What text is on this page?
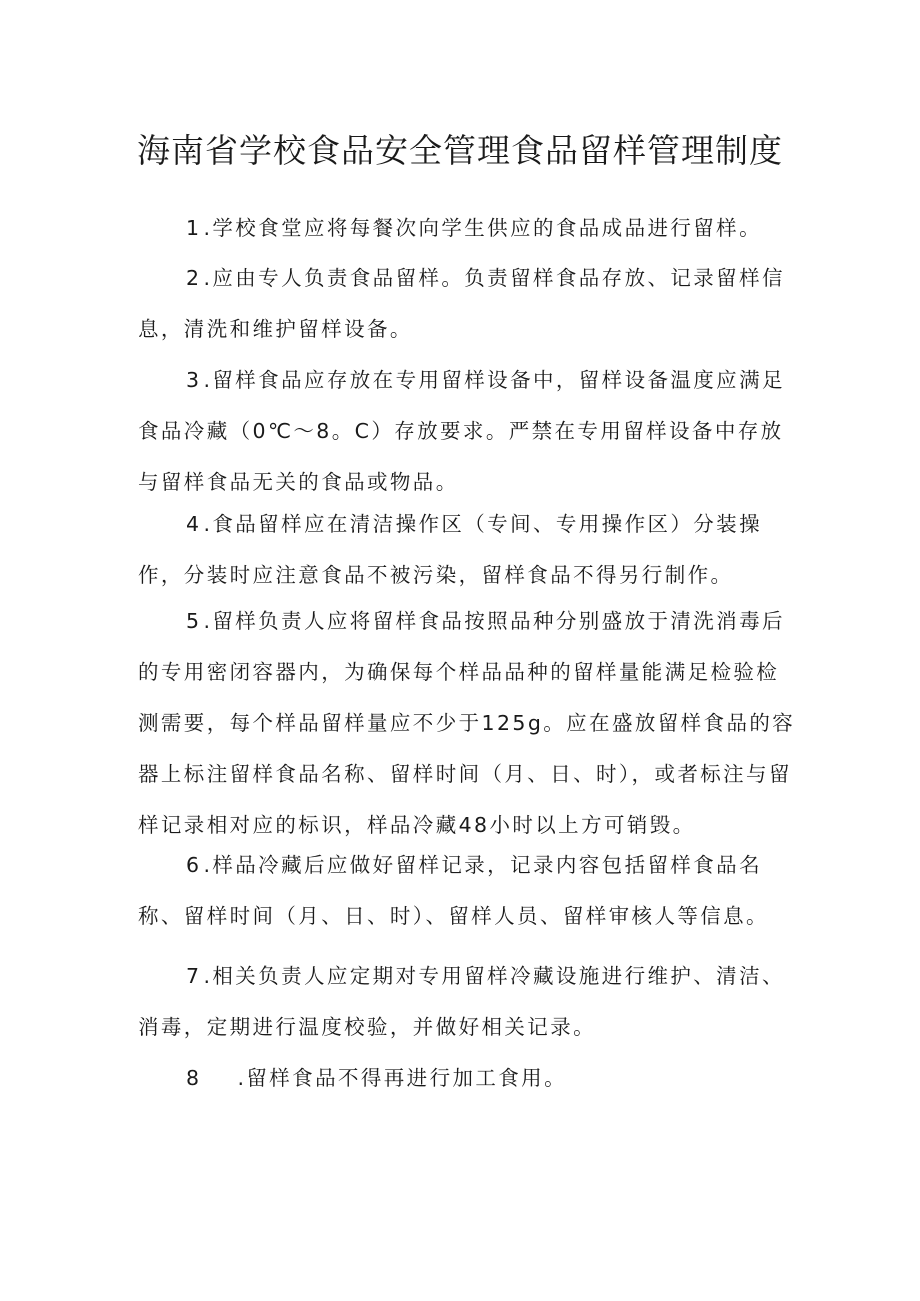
海南省学校食品安全管理食品留样管理制度

1.学校食堂应将每餐次向学生供应的食品成品进行留样。

2.应由专人负责食品留样。负责留样食品存放、记录留样信息，清洗和维护留样设备。

3.留样食品应存放在专用留样设备中，留样设备温度应满足食品冷藏（0℃～8。C）存放要求。严禁在专用留样设备中存放与留样食品无关的食品或物品。

4.食品留样应在清洁操作区（专间、专用操作区）分装操作，分装时应注意食品不被污染，留样食品不得另行制作。

5.留样负责人应将留样食品按照品种分别盛放于清洗消毒后的专用密闭容器内，为确保每个样品品种的留样量能满足检验检测需要，每个样品留样量应不少于125g。应在盛放留样食品的容器上标注留样食品名称、留样时间（月、日、时），或者标注与留样记录相对应的标识，样品冷藏48小时以上方可销毁。

6.样品冷藏后应做好留样记录，记录内容包括留样食品名称、留样时间（月、日、时）、留样人员、留样审核人等信息。

7.相关负责人应定期对专用留样冷藏设施进行维护、清洁、消毒，定期进行温度校验，并做好相关记录。

8 .留样食品不得再进行加工食用。
